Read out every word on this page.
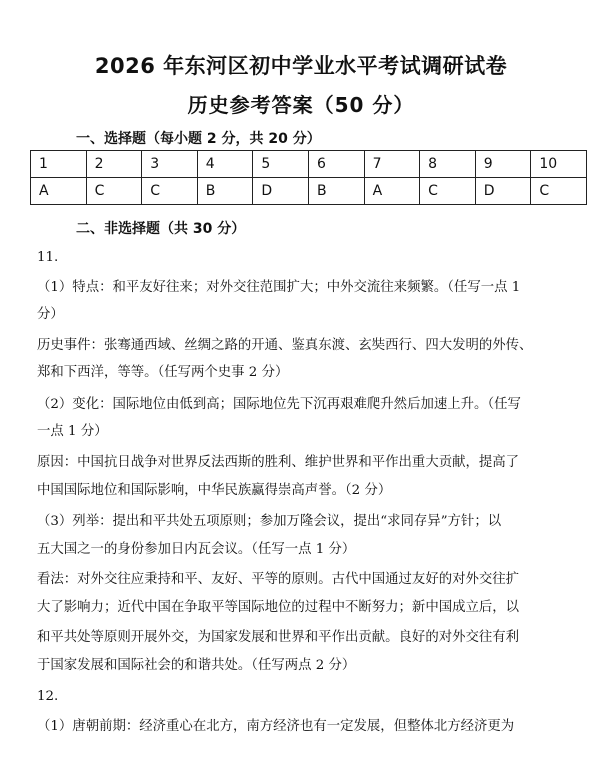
2026 年东河区初中学业水平考试调研试卷
历史参考答案（50 分）
一、选择题（每小题 2 分，共 20 分）
1	2	3	4	5	6	7	8	9	10
A	C	C	B	D	B	A	C	D	C
二、非选择题（共 30 分）
11.
（1）特点：和平友好往来；对外交往范围扩大；中外交流往来频繁。（任写一点 1
分）
历史事件：张骞通西域、丝绸之路的开通、鉴真东渡、玄奘西行、四大发明的外传、
郑和下西洋，等等。（任写两个史事 2 分）
（2）变化：国际地位由低到高；国际地位先下沉再艰难爬升然后加速上升。（任写
一点 1 分）
原因：中国抗日战争对世界反法西斯的胜利、维护世界和平作出重大贡献，提高了
中国国际地位和国际影响，中华民族赢得崇高声誉。（2 分）
（3）列举：提出和平共处五项原则；参加万隆会议，提出“求同存异”方针；以
五大国之一的身份参加日内瓦会议。（任写一点 1 分）
看法：对外交往应秉持和平、友好、平等的原则。古代中国通过友好的对外交往扩
大了影响力；近代中国在争取平等国际地位的过程中不断努力；新中国成立后，以
和平共处等原则开展外交，为国家发展和世界和平作出贡献。良好的对外交往有利
于国家发展和国际社会的和谐共处。（任写两点 2 分）
12.
（1）唐朝前期：经济重心在北方，南方经济也有一定发展，但整体北方经济更为
